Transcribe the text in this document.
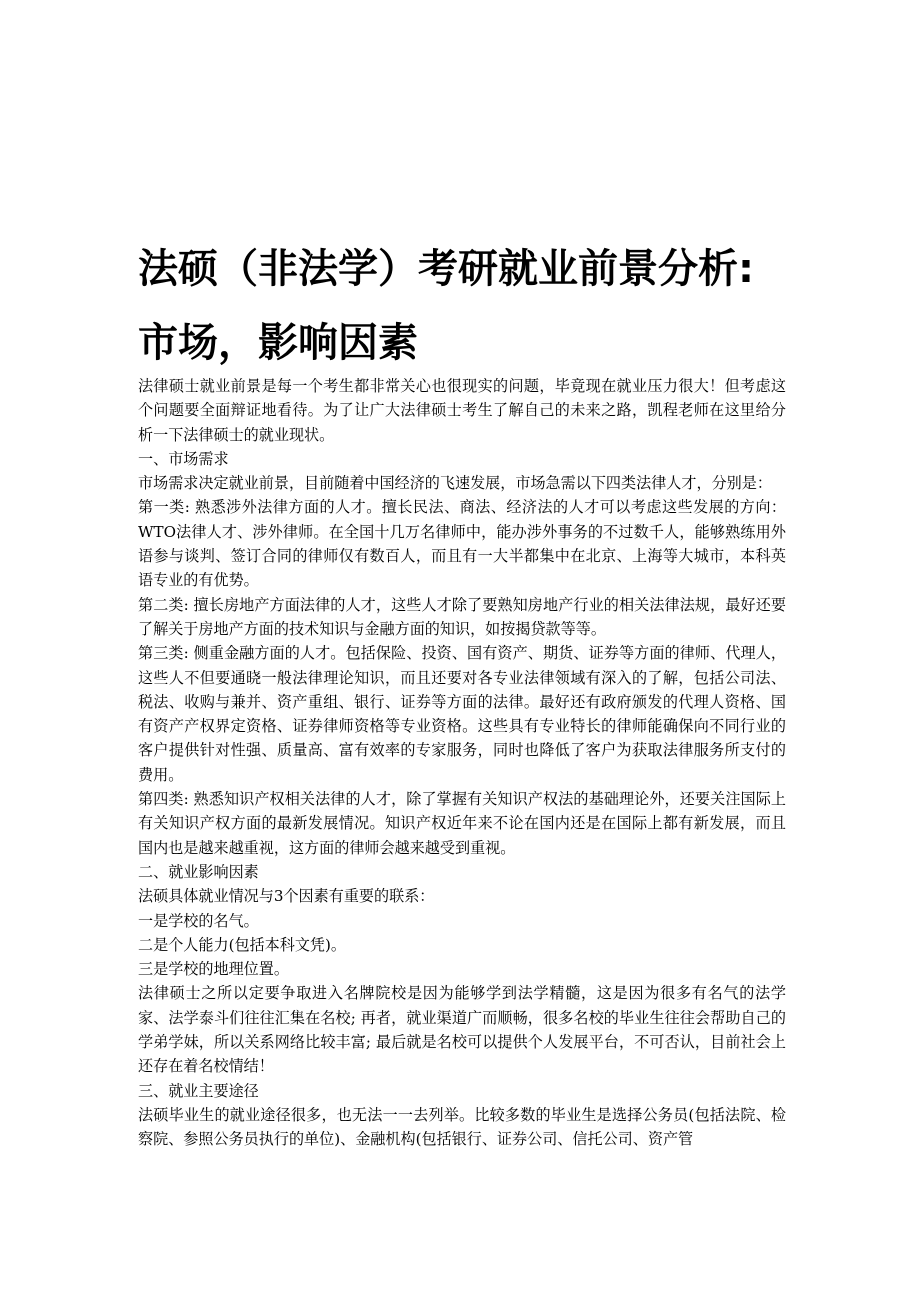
法硕（非法学）考研就业前景分析:
市场，影响因素

法律硕士就业前景是每一个考生都非常关心也很现实的问题，毕竟现在就业压力很大！但考虑这个问题要全面辩证地看待。为了让广大法律硕士考生了解自己的未来之路，凯程老师在这里给分析一下法律硕士的就业现状。

一、市场需求

市场需求决定就业前景，目前随着中国经济的飞速发展，市场急需以下四类法律人才，分别是：

第一类: 熟悉涉外法律方面的人才。擅长民法、商法、经济法的人才可以考虑这些发展的方向：WTO法律人才、涉外律师。在全国十几万名律师中，能办涉外事务的不过数千人，能够熟练用外语参与谈判、签订合同的律师仅有数百人，而且有一大半都集中在北京、上海等大城市，本科英语专业的有优势。

第二类: 擅长房地产方面法律的人才，这些人才除了要熟知房地产行业的相关法律法规，最好还要了解关于房地产方面的技术知识与金融方面的知识，如按揭贷款等等。

第三类: 侧重金融方面的人才。包括保险、投资、国有资产、期货、证券等方面的律师、代理人，这些人不但要通晓一般法律理论知识，而且还要对各专业法律领域有深入的了解，包括公司法、税法、收购与兼并、资产重组、银行、证券等方面的法律。最好还有政府颁发的代理人资格、国有资产产权界定资格、证券律师资格等专业资格。这些具有专业特长的律师能确保向不同行业的客户提供针对性强、质量高、富有效率的专家服务，同时也降低了客户为获取法律服务所支付的费用。

第四类: 熟悉知识产权相关法律的人才，除了掌握有关知识产权法的基础理论外，还要关注国际上有关知识产权方面的最新发展情况。知识产权近年来不论在国内还是在国际上都有新发展，而且国内也是越来越重视，这方面的律师会越来越受到重视。

二、就业影响因素

法硕具体就业情况与3个因素有重要的联系：

一是学校的名气。

二是个人能力(包括本科文凭)。

三是学校的地理位置。

法律硕士之所以定要争取进入名牌院校是因为能够学到法学精髓，这是因为很多有名气的法学家、法学泰斗们往往汇集在名校; 再者，就业渠道广而顺畅，很多名校的毕业生往往会帮助自己的学弟学妹，所以关系网络比较丰富; 最后就是名校可以提供个人发展平台，不可否认，目前社会上还存在着名校情结！

三、就业主要途径

法硕毕业生的就业途径很多，也无法一一去列举。比较多数的毕业生是选择公务员(包括法院、检察院、参照公务员执行的单位)、金融机构(包括银行、证券公司、信托公司、资产管
